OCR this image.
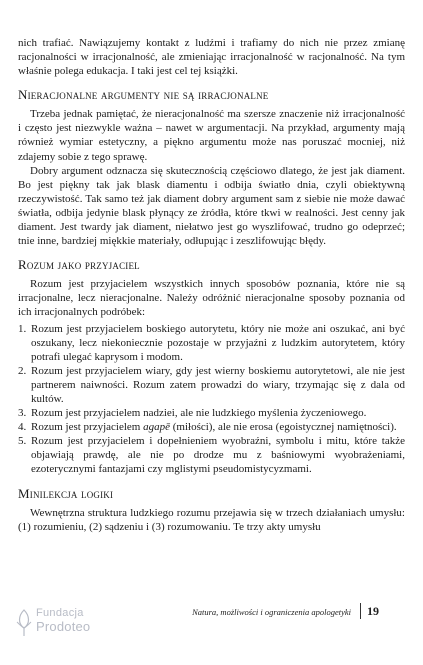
nich trafiać. Nawiązujemy kontakt z ludźmi i trafiamy do nich nie przez zmianę racjonalności w irracjonalność, ale zmieniając irracjonalność w racjonalność. Na tym właśnie polega edukacja. I taki jest cel tej książki.

Nieracjonalne argumenty nie są irracjonalne

Trzeba jednak pamiętać, że nieracjonalność ma szersze znaczenie niż irracjonalność i często jest niezwykle ważna – nawet w argumentacji. Na przykład, argumenty mają również wymiar estetyczny, a piękno argumentu może nas poruszać mocniej, niż zdajemy sobie z tego sprawę.

Dobry argument odznacza się skutecznością częściowo dlatego, że jest jak diament. Bo jest piękny tak jak blask diamentu i odbija światło dnia, czyli obiektywną rzeczywistość. Tak samo też jak diament dobry argument sam z siebie nie może dawać światła, odbija jedynie blask płynący ze źródła, które tkwi w realności. Jest cenny jak diament. Jest twardy jak diament, niełatwo jest go wyszlifować, trudno go odeprzeć; tnie inne, bardziej miękkie materiały, odłupując i zeszlifowując błędy.

Rozum jako przyjaciel

Rozum jest przyjacielem wszystkich innych sposobów poznania, które nie są irracjonalne, lecz nieracjonalne. Należy odróżnić nieracjonalne sposoby poznania od ich irracjonalnych podróbek:

1. Rozum jest przyjacielem boskiego autorytetu, który nie może ani oszukać, ani być oszukany, lecz niekoniecznie pozostaje w przyjaźni z ludzkim autorytetem, który potrafi ulegać kaprysom i modom.
2. Rozum jest przyjacielem wiary, gdy jest wierny boskiemu autorytetowi, ale nie jest partnerem naiwności. Rozum zatem prowadzi do wiary, trzymając się z dala od kultów.
3. Rozum jest przyjacielem nadziei, ale nie ludzkiego myślenia życzeniowego.
4. Rozum jest przyjacielem agapē (miłości), ale nie erosa (egoistycznej namiętności).
5. Rozum jest przyjacielem i dopełnieniem wyobraźni, symbolu i mitu, które także objawiają prawdę, ale nie po drodze mu z baśniowymi wyobrażeniami, ezoterycznymi fantazjami czy mglistymi pseudomistycyzmami.
Minilekcja logiki

Wewnętrzna struktura ludzkiego rozumu przejawia się w trzech działaniach umysłu: (1) rozumieniu, (2) sądzeniu i (3) rozumowaniu. Te trzy akty umysłu

Fundacja
Prodoteo
Natura, możliwości i ograniczenia apologetyki 19
